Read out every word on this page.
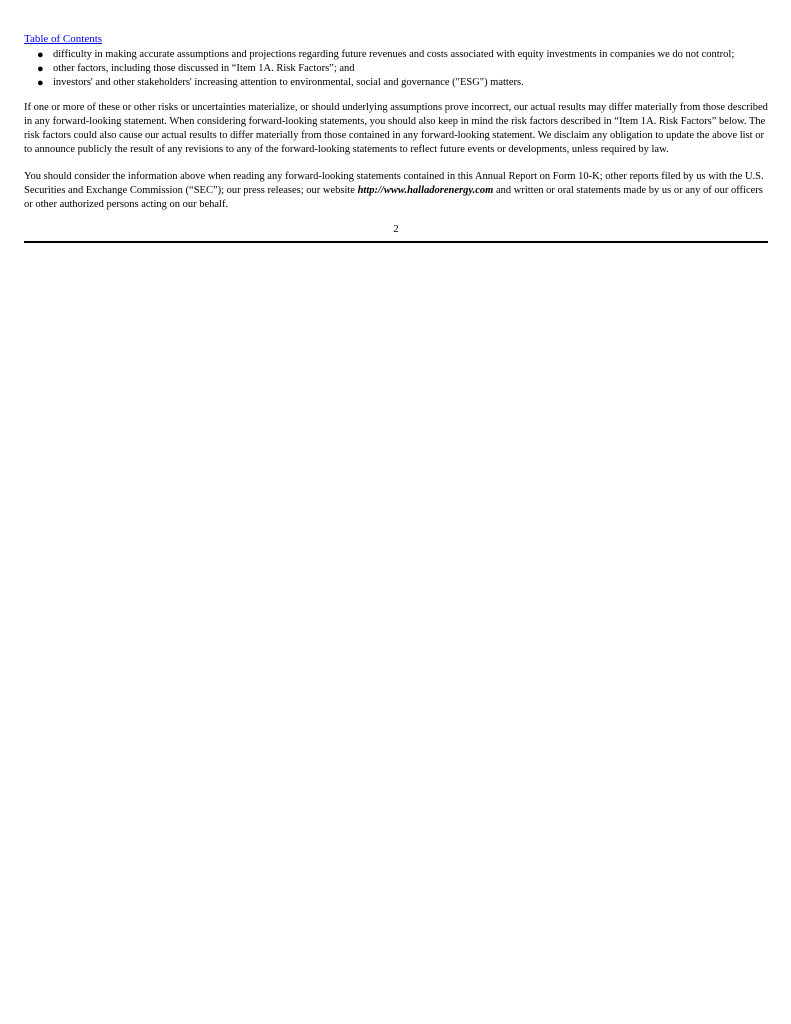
Table of Contents
● difficulty in making accurate assumptions and projections regarding future revenues and costs associated with equity investments in companies we do not control;
● other factors, including those discussed in “Item 1A. Risk Factors”; and
● investors' and other stakeholders' increasing attention to environmental, social and governance ("ESG") matters.

If one or more of these or other risks or uncertainties materialize, or should underlying assumptions prove incorrect, our actual results may differ materially from those described in any forward-looking statement. When considering forward-looking statements, you should also keep in mind the risk factors described in “Item 1A. Risk Factors” below. The risk factors could also cause our actual results to differ materially from those contained in any forward-looking statement. We disclaim any obligation to update the above list or to announce publicly the result of any revisions to any of the forward-looking statements to reflect future events or developments, unless required by law.

You should consider the information above when reading any forward-looking statements contained in this Annual Report on Form 10-K; other reports filed by us with the U.S. Securities and Exchange Commission (“SEC”); our press releases; our website http://www.halladorenergy.com and written or oral statements made by us or any of our officers or other authorized persons acting on our behalf.

2
